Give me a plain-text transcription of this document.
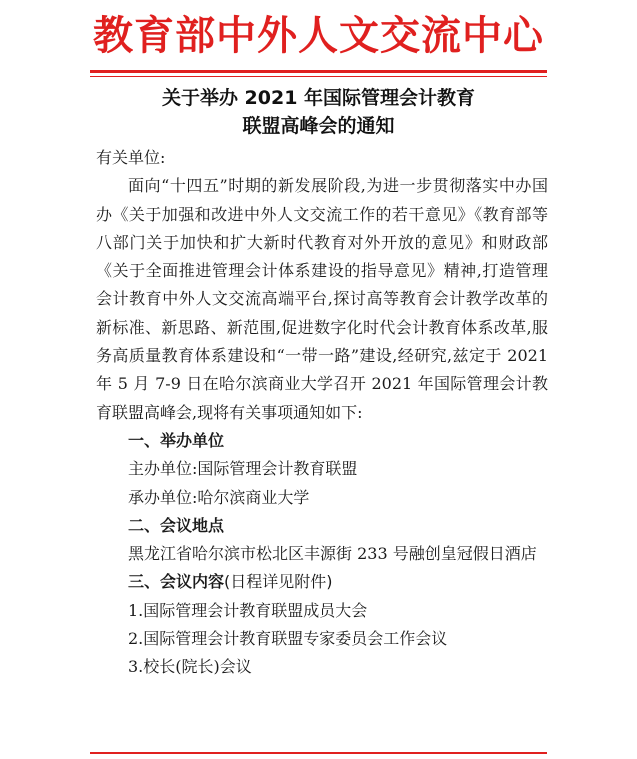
教育部中外人文交流中心
关于举办 2021 年国际管理会计教育
联盟高峰会的通知

有关单位:

面向“十四五”时期的新发展阶段,为进一步贯彻落实中办国办《关于加强和改进中外人文交流工作的若干意见》《教育部等八部门关于加快和扩大新时代教育对外开放的意见》和财政部《关于全面推进管理会计体系建设的指导意见》精神,打造管理会计教育中外人文交流高端平台,探讨高等教育会计教学改革的新标准、新思路、新范围,促进数字化时代会计教育体系改革,服务高质量教育体系建设和“一带一路”建设,经研究,兹定于 2021 年 5 月 7-9 日在哈尔滨商业大学召开 2021 年国际管理会计教育联盟高峰会,现将有关事项通知如下:

一、举办单位

主办单位:国际管理会计教育联盟

承办单位:哈尔滨商业大学

二、会议地点

黑龙江省哈尔滨市松北区丰源街 233 号融创皇冠假日酒店

三、会议内容(日程详见附件)

1.国际管理会计教育联盟成员大会

2.国际管理会计教育联盟专家委员会工作会议

3.校长(院长)会议
